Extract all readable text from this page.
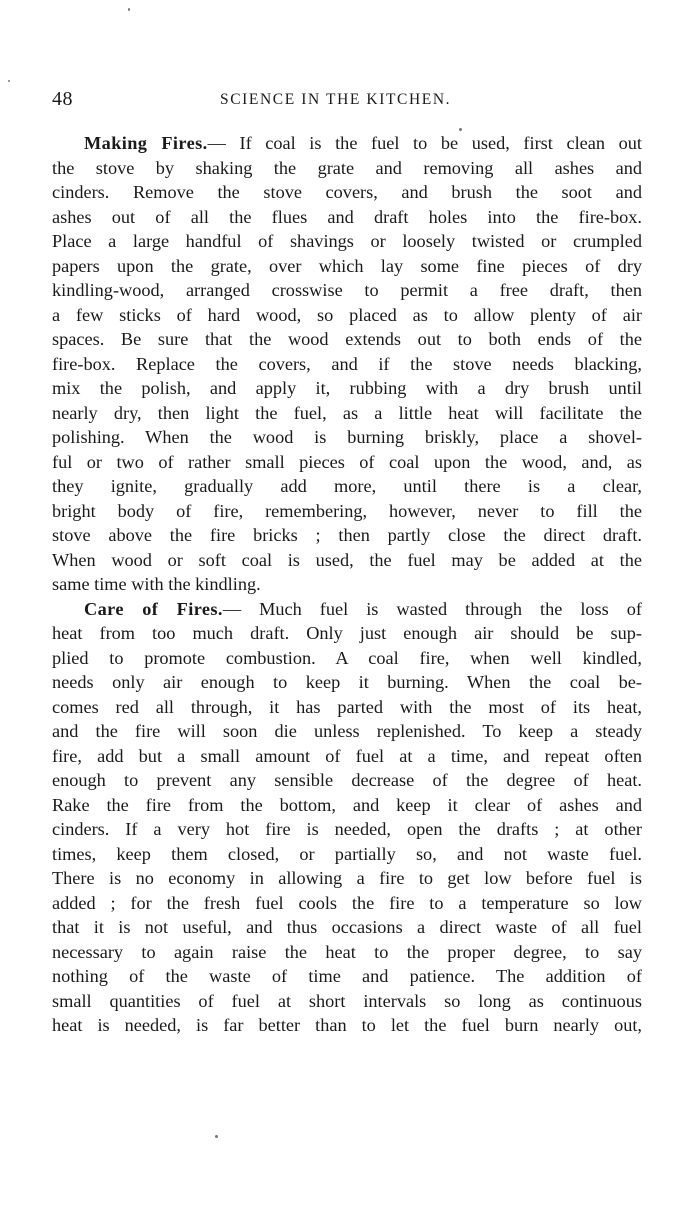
48	SCIENCE IN THE KITCHEN.
Making Fires.— If coal is the fuel to be used, first clean out
the stove by shaking the grate and removing all ashes and
cinders. Remove the stove covers, and brush the soot and
ashes out of all the flues and draft holes into the fire-box.
Place a large handful of shavings or loosely twisted or crumpled
papers upon the grate, over which lay some fine pieces of dry
kindling-wood, arranged crosswise to permit a free draft, then
a few sticks of hard wood, so placed as to allow plenty of air
spaces. Be sure that the wood extends out to both ends of the
fire-box. Replace the covers, and if the stove needs blacking,
mix the polish, and apply it, rubbing with a dry brush until
nearly dry, then light the fuel, as a little heat will facilitate the
polishing. When the wood is burning briskly, place a shovel-
ful or two of rather small pieces of coal upon the wood, and, as
they ignite, gradually add more, until there is a clear,
bright body of fire, remembering, however, never to fill the
stove above the fire bricks ; then partly close the direct draft.
When wood or soft coal is used, the fuel may be added at the
same time with the kindling.
Care of Fires.— Much fuel is wasted through the loss of
heat from too much draft. Only just enough air should be sup-
plied to promote combustion. A coal fire, when well kindled,
needs only air enough to keep it burning. When the coal be-
comes red all through, it has parted with the most of its heat,
and the fire will soon die unless replenished. To keep a steady
fire, add but a small amount of fuel at a time, and repeat often
enough to prevent any sensible decrease of the degree of heat.
Rake the fire from the bottom, and keep it clear of ashes and
cinders. If a very hot fire is needed, open the drafts ; at other
times, keep them closed, or partially so, and not waste fuel.
There is no economy in allowing a fire to get low before fuel is
added ; for the fresh fuel cools the fire to a temperature so low
that it is not useful, and thus occasions a direct waste of all fuel
necessary to again raise the heat to the proper degree, to say
nothing of the waste of time and patience. The addition of
small quantities of fuel at short intervals so long as continuous
heat is needed, is far better than to let the fuel burn nearly out,
